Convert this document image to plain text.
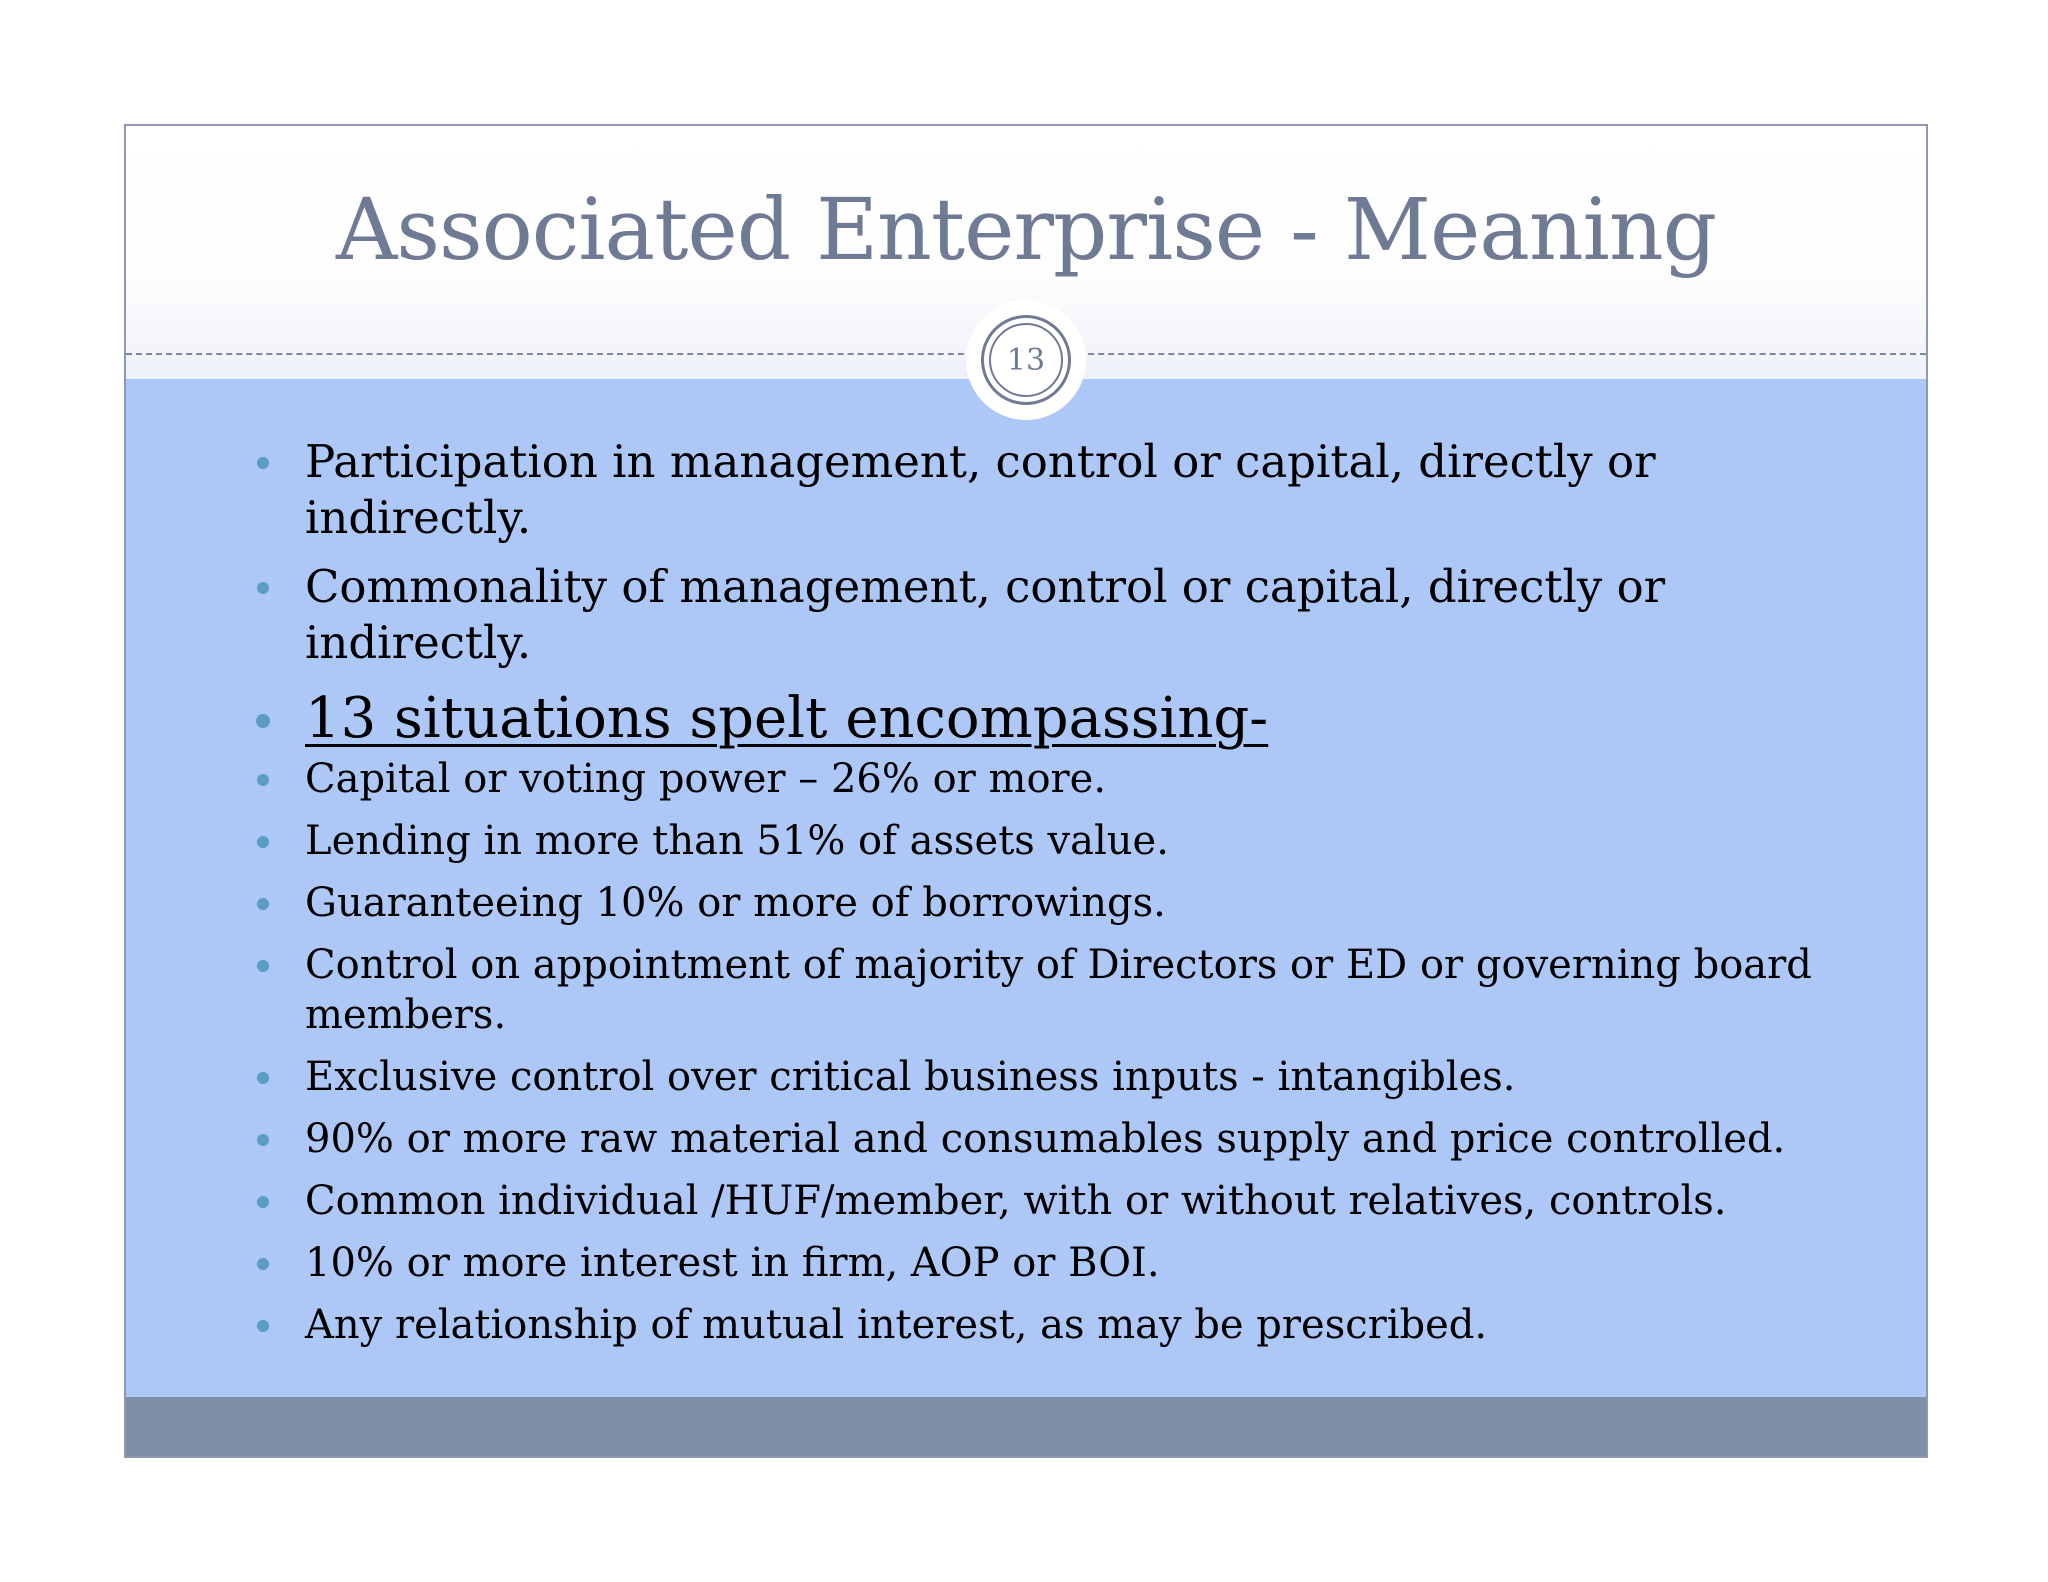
Associated Enterprise - Meaning
Participation in management, control or capital, directly or indirectly.
Commonality of management, control or capital, directly or indirectly.
13 situations spelt encompassing-
Capital or voting power – 26% or more.
Lending in more than 51% of assets value.
Guaranteeing 10% or more of borrowings.
Control on appointment of majority of Directors or ED or governing board members.
Exclusive control over critical business inputs - intangibles.
90% or more raw material and consumables supply and price controlled.
Common individual /HUF/member, with or without relatives, controls.
10% or more interest in firm, AOP or BOI.
Any relationship of mutual interest, as may be prescribed.
13
